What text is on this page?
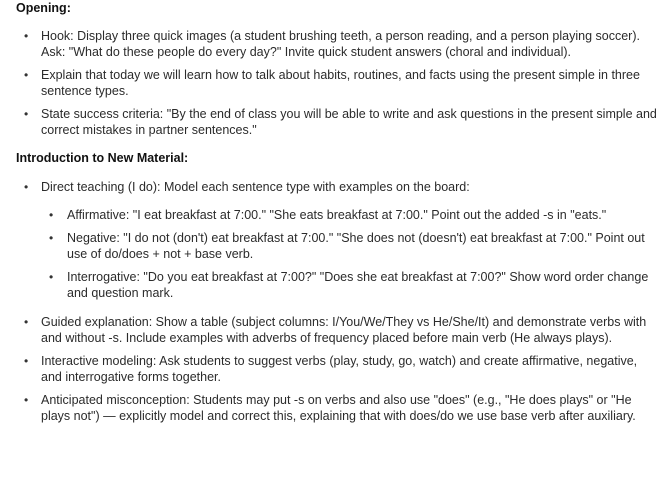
Opening:

• Hook: Display three quick images (a student brushing teeth, a person reading, and a person playing soccer). Ask: "What do these people do every day?" Invite quick student answers (choral and individual).
• Explain that today we will learn how to talk about habits, routines, and facts using the present simple in three sentence types.
• State success criteria: "By the end of class you will be able to write and ask questions in the present simple and correct mistakes in partner sentences."

Introduction to New Material:

• Direct teaching (I do): Model each sentence type with examples on the board:
• Affirmative: "I eat breakfast at 7:00." "She eats breakfast at 7:00." Point out the added -s in "eats."
• Negative: "I do not (don't) eat breakfast at 7:00." "She does not (doesn't) eat breakfast at 7:00." Point out use of do/does + not + base verb.
• Interrogative: "Do you eat breakfast at 7:00?" "Does she eat breakfast at 7:00?" Show word order change and question mark.
• Guided explanation: Show a table (subject columns: I/You/We/They vs He/She/It) and demonstrate verbs with and without -s. Include examples with adverbs of frequency placed before main verb (He always plays).
• Interactive modeling: Ask students to suggest verbs (play, study, go, watch) and create affirmative, negative, and interrogative forms together.
• Anticipated misconception: Students may put -s on verbs and also use "does" (e.g., "He does plays" or "He plays not") — explicitly model and correct this, explaining that with does/do we use base verb after auxiliary.
